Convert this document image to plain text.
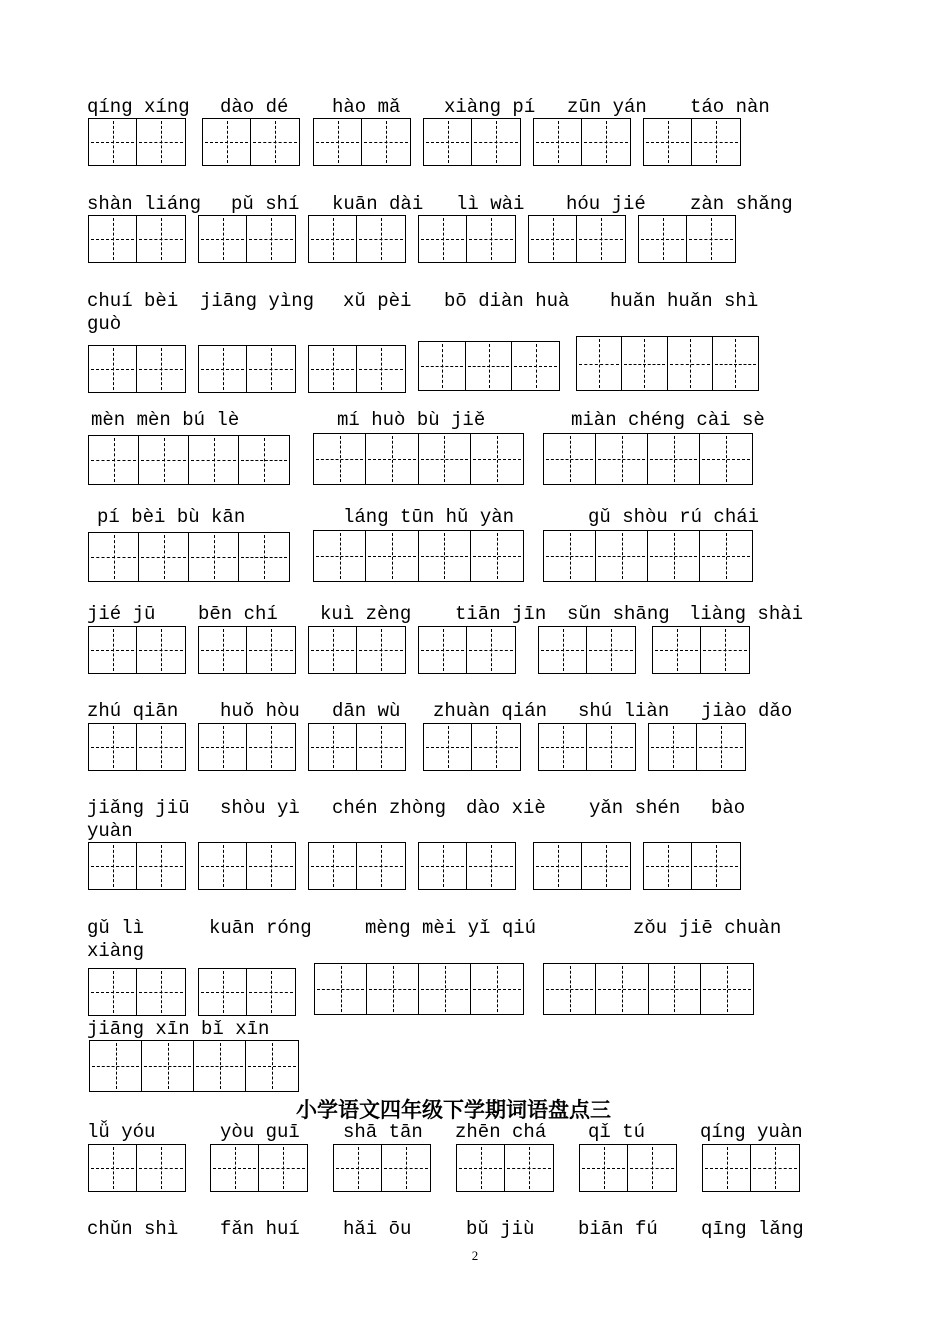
qíng xíng dào dé hào mǎ xiàng pí zūn yán táo nàn
shàn liáng pǔ shí kuān dài lì wài hóu jié zàn shǎng
chuí bèi jiāng yìng xǔ pèi bō diàn huà huǎn huǎn shì
guò
mèn mèn bú lè	mí huò bù jiě	miàn chéng cài sè
pí bèi bù kān	láng tūn hǔ yàn	gǔ shòu rú chái
jié jū bēn chí kuì zèng tiān jīn sǔn shāng liàng shài
zhú qiān huǒ hòu dān wù zhuàn qián shú liàn jiào dǎo
jiǎng jiū shòu yì chén zhòng dào xiè yǎn shén bào
yuàn
gǔ lì	kuān róng	mèng mèi yǐ qiú	zǒu jiē chuàn
xiàng
jiāng xīn bǐ xīn
小学语文四年级下学期词语盘点三
lǚ yóu	yòu guī shā tān zhēn chá qǐ tú	qíng yuàn
chǔn shì fǎn huí hǎi ōu	bǔ jiù biān fú qīng lǎng
2
